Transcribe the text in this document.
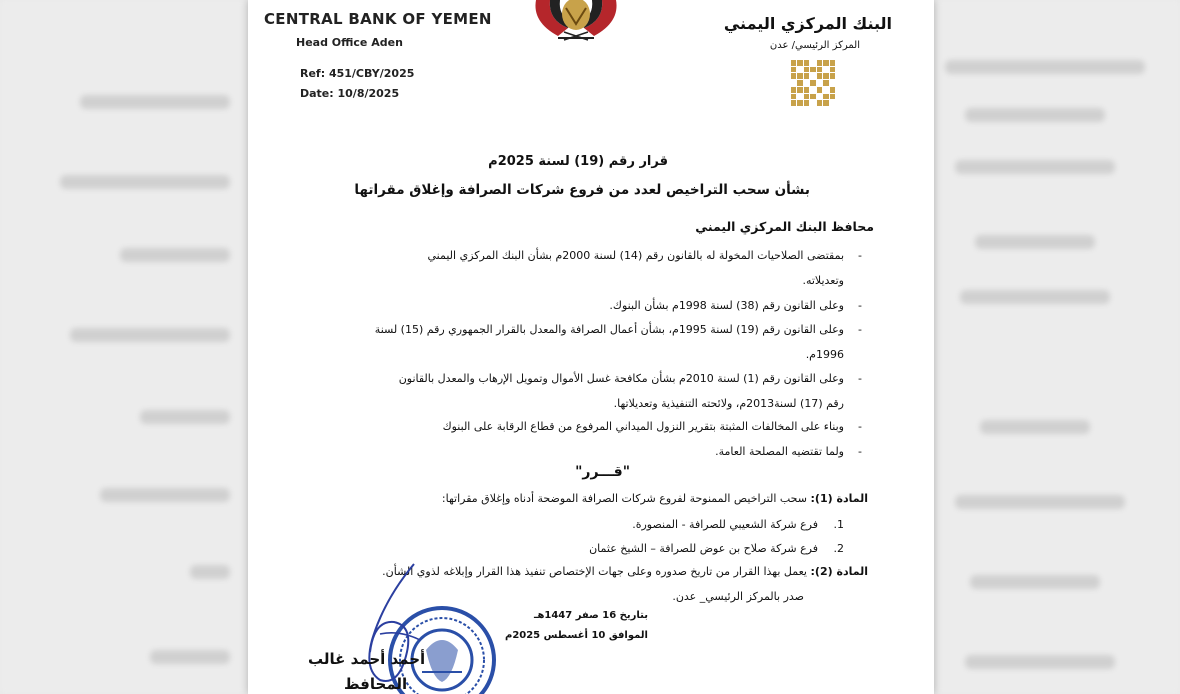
CENTRAL BANK OF YEMEN
Head Office Aden
Ref: 451/CBY/2025
Date: 10/8/2025
البنك المركزي اليمني
المركز الرئيسي/ عدن
قرار رقم (19) لسنة 2025م
بشأن سحب التراخيص لعدد من فروع شركات الصرافة وإغلاق مقراتها
محافظ البنك المركزي اليمني
-
بمقتضى الصلاحيات المخولة له بالقانون رقم (14) لسنة 2000م بشأن البنك المركزي اليمني
وتعديلاته.
-
وعلى القانون رقم (38) لسنة 1998م بشأن البنوك.
-
وعلى القانون رقم (19) لسنة 1995م، بشأن أعمال الصرافة والمعدل بالقرار الجمهوري رقم (15) لسنة
1996م.
-
وعلى القانون رقم (1) لسنة 2010م بشأن مكافحة غسل الأموال وتمويل الإرهاب والمعدل بالقانون
رقم (17) لسنة2013م، ولائحته التنفيذية وتعديلاتها.
-
وبناء على المخالفات المثبتة بتقرير النزول الميداني المرفوع من قطاع الرقابة على البنوك
-
ولما تقتضيه المصلحة العامة.
"قـــرر"
المادة (1): سحب التراخيص الممنوحة لفروع شركات الصرافة الموضحة أدناه وإغلاق مقراتها:
1. فرع شركة الشعيبي للصرافة - المنصورة.
2. فرع شركة صلاح بن عوض للصرافة – الشيخ عثمان
المادة (2): يعمل بهذا القرار من تاريخ صدوره وعلى جهات الإختصاص تنفيذ هذا القرار وإبلاغه لذوي الشأن.
صدر بالمركز الرئيسي_ عدن.
بتاريخ 16 صفر 1447هـ
الموافق 10 أغسطس 2025م
أحمد أحمد غالب
المحافظ
